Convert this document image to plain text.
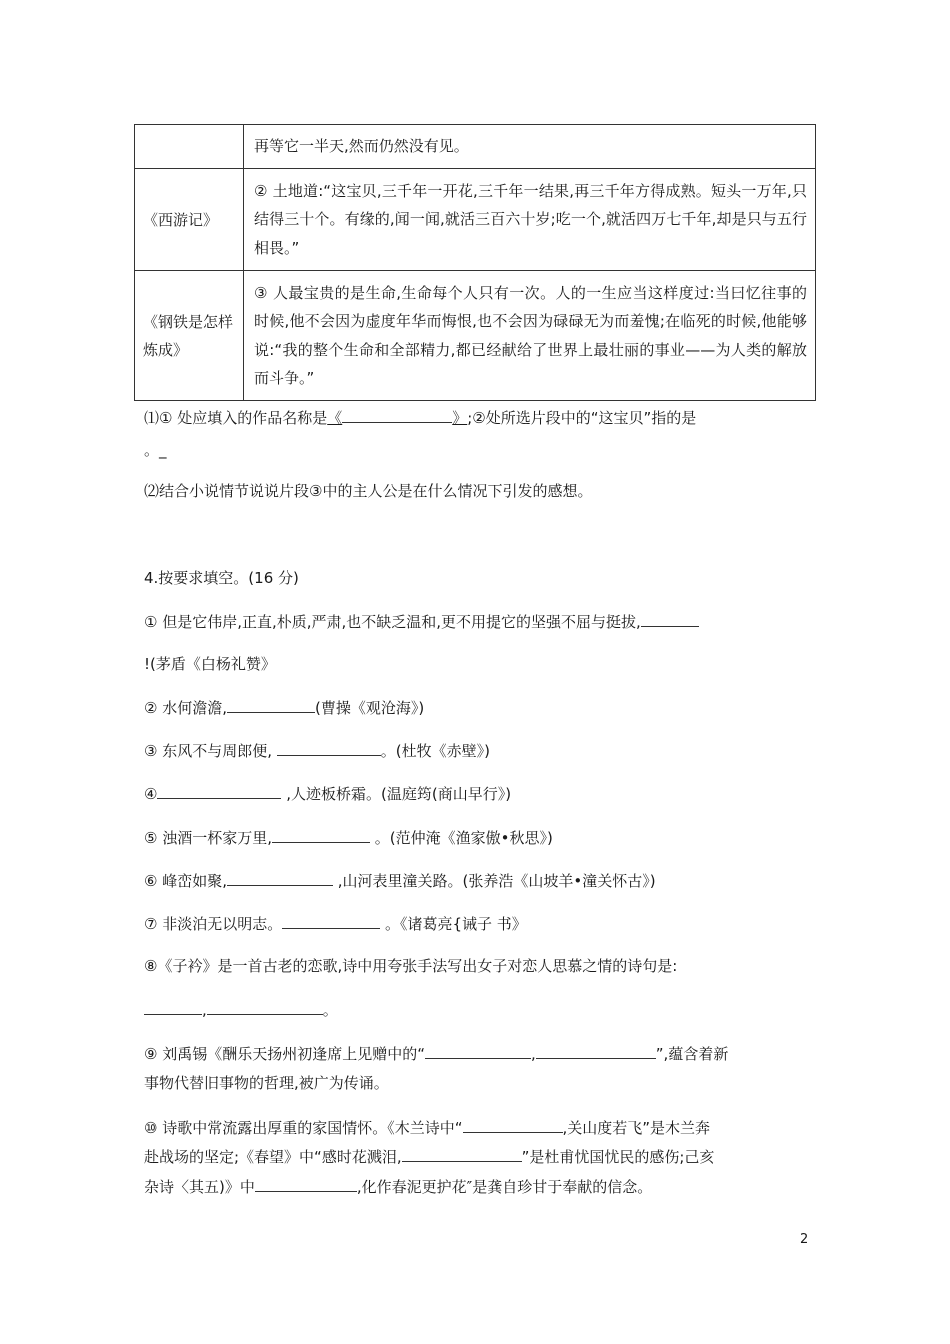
	再等它一半天,然而仍然没有见。
《西游记》	② 土地道:“这宝贝,三千年一开花,三千年一结果,再三千年方得成熟。短头一万年,只结得三十个。有缘的,闻一闻,就活三百六十岁;吃一个,就活四万七千年,却是只与五行相畏。”
《钢铁是怎样炼成》	③ 人最宝贵的是生命,生命每个人只有一次。人的一生应当这样度过:当曰忆往事的时候,他不会因为虚度年华而悔恨,也不会因为碌碌无为而羞愧;在临死的时候,他能够说:“我的整个生命和全部精力,都已经献给了世界上最壮丽的事业——为人类的解放而斗争。”
⑴① 处应填入的作品名称是《	》;②处所选片段中的“这宝贝”指的是
。_
⑵结合小说情节说说片段③中的主人公是在什么情况下引发的感想。
4.按要求填空。(16 分)
① 但是它伟岸,正直,朴质,严肃,也不缺乏温和,更不用提它的坚强不屈与挺拔,
!(茅盾《白杨礼赞》
② 水何澹澹,	(曹操《观沧海》)
③ 东风不与周郎便,	。(杜牧《赤壁》)
④	,人迹板桥霜。(温庭筠(商山早行》)
⑤ 浊酒一杯家万里,	。(范仲淹《渔家傲•秋思》)
⑥ 峰峦如聚,	,山河表里潼关路。(张养浩《山坡羊•潼关怀古》)
⑦ 非淡泊无以明志。	。《诸葛亮{诫子 书》
⑧《子衿》是一首古老的恋歌,诗中用夸张手法写出女子对恋人思慕之情的诗句是:
,	。
⑨ 刘禹锡《酬乐天扬州初逢席上见赠中的“	,	”,蕴含着新
事物代替旧事物的哲理,被广为传诵。
⑩ 诗歌中常流露出厚重的家国情怀。《木兰诗中“	,关山度若飞”是木兰奔
赴战场的坚定;《春望》中“感时花溅泪,	”是杜甫忧国忧民的感伤;己亥
杂诗〈其五)》中	,化作春泥更护花″是龚自珍甘于奉献的信念。
2
